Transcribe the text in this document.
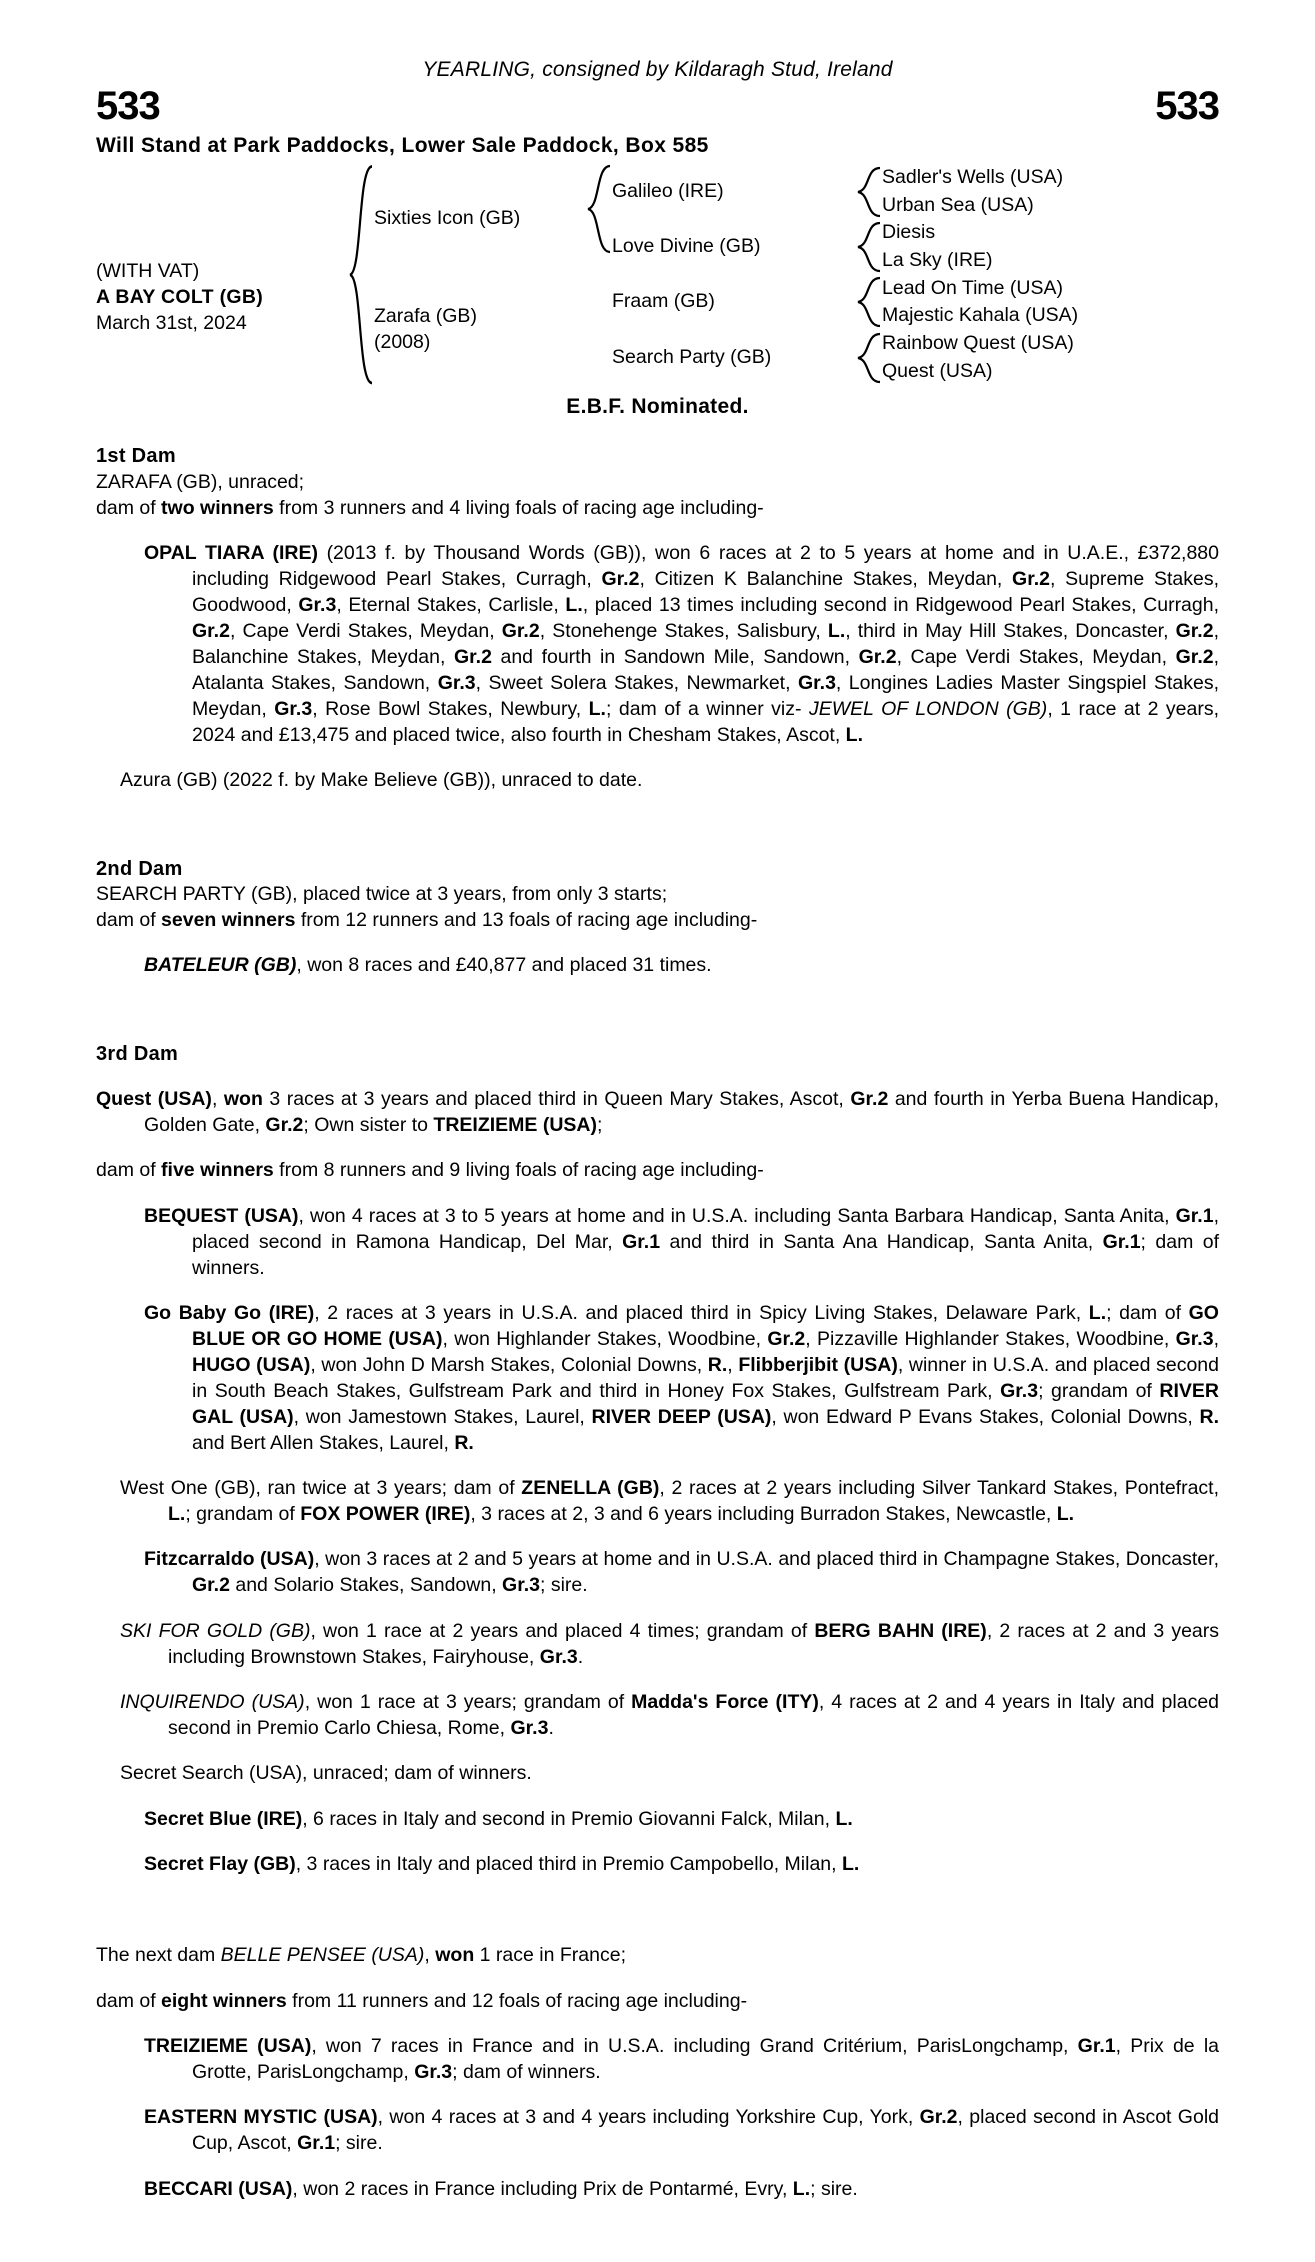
YEARLING, consigned by Kildaragh Stud, Ireland
533	533
Will Stand at Park Paddocks, Lower Sale Paddock, Box 585
(WITH VAT)
A BAY COLT (GB)
March 31st, 2024
Sixties Icon (GB)
Zarafa (GB)
(2008)
Galileo (IRE)
Love Divine (GB)
Fraam (GB)
Search Party (GB)
Sadler's Wells (USA)
Urban Sea (USA)
Diesis
La Sky (IRE)
Lead On Time (USA)
Majestic Kahala (USA)
Rainbow Quest (USA)
Quest (USA)
E.B.F. Nominated.
1st Dam

ZARAFA (GB), unraced;

dam of two winners from 3 runners and 4 living foals of racing age including-

OPAL TIARA (IRE) (2013 f. by Thousand Words (GB)), won 6 races at 2 to 5 years at home and in U.A.E., £372,880 including Ridgewood Pearl Stakes, Curragh, Gr.2, Citizen K Balanchine Stakes, Meydan, Gr.2, Supreme Stakes, Goodwood, Gr.3, Eternal Stakes, Carlisle, L., placed 13 times including second in Ridgewood Pearl Stakes, Curragh, Gr.2, Cape Verdi Stakes, Meydan, Gr.2, Stonehenge Stakes, Salisbury, L., third in May Hill Stakes, Doncaster, Gr.2, Balanchine Stakes, Meydan, Gr.2 and fourth in Sandown Mile, Sandown, Gr.2, Cape Verdi Stakes, Meydan, Gr.2, Atalanta Stakes, Sandown, Gr.3, Sweet Solera Stakes, Newmarket, Gr.3, Longines Ladies Master Singspiel Stakes, Meydan, Gr.3, Rose Bowl Stakes, Newbury, L.; dam of a winner viz- JEWEL OF LONDON (GB), 1 race at 2 years, 2024 and £13,475 and placed twice, also fourth in Chesham Stakes, Ascot, L.

Azura (GB) (2022 f. by Make Believe (GB)), unraced to date.

2nd Dam

SEARCH PARTY (GB), placed twice at 3 years, from only 3 starts;

dam of seven winners from 12 runners and 13 foals of racing age including-

BATELEUR (GB), won 8 races and £40,877 and placed 31 times.

3rd Dam

Quest (USA), won 3 races at 3 years and placed third in Queen Mary Stakes, Ascot, Gr.2 and fourth in Yerba Buena Handicap, Golden Gate, Gr.2; Own sister to TREIZIEME (USA);

dam of five winners from 8 runners and 9 living foals of racing age including-

BEQUEST (USA), won 4 races at 3 to 5 years at home and in U.S.A. including Santa Barbara Handicap, Santa Anita, Gr.1, placed second in Ramona Handicap, Del Mar, Gr.1 and third in Santa Ana Handicap, Santa Anita, Gr.1; dam of winners.

Go Baby Go (IRE), 2 races at 3 years in U.S.A. and placed third in Spicy Living Stakes, Delaware Park, L.; dam of GO BLUE OR GO HOME (USA), won Highlander Stakes, Woodbine, Gr.2, Pizzaville Highlander Stakes, Woodbine, Gr.3, HUGO (USA), won John D Marsh Stakes, Colonial Downs, R., Flibberjibit (USA), winner in U.S.A. and placed second in South Beach Stakes, Gulfstream Park and third in Honey Fox Stakes, Gulfstream Park, Gr.3; grandam of RIVER GAL (USA), won Jamestown Stakes, Laurel, RIVER DEEP (USA), won Edward P Evans Stakes, Colonial Downs, R. and Bert Allen Stakes, Laurel, R.

West One (GB), ran twice at 3 years; dam of ZENELLA (GB), 2 races at 2 years including Silver Tankard Stakes, Pontefract, L.; grandam of FOX POWER (IRE), 3 races at 2, 3 and 6 years including Burradon Stakes, Newcastle, L.

Fitzcarraldo (USA), won 3 races at 2 and 5 years at home and in U.S.A. and placed third in Champagne Stakes, Doncaster, Gr.2 and Solario Stakes, Sandown, Gr.3; sire.

SKI FOR GOLD (GB), won 1 race at 2 years and placed 4 times; grandam of BERG BAHN (IRE), 2 races at 2 and 3 years including Brownstown Stakes, Fairyhouse, Gr.3.

INQUIRENDO (USA), won 1 race at 3 years; grandam of Madda's Force (ITY), 4 races at 2 and 4 years in Italy and placed second in Premio Carlo Chiesa, Rome, Gr.3.

Secret Search (USA), unraced; dam of winners.

Secret Blue (IRE), 6 races in Italy and second in Premio Giovanni Falck, Milan, L.

Secret Flay (GB), 3 races in Italy and placed third in Premio Campobello, Milan, L.

The next dam BELLE PENSEE (USA), won 1 race in France;

dam of eight winners from 11 runners and 12 foals of racing age including-

TREIZIEME (USA), won 7 races in France and in U.S.A. including Grand Critérium, ParisLongchamp, Gr.1, Prix de la Grotte, ParisLongchamp, Gr.3; dam of winners.

EASTERN MYSTIC (USA), won 4 races at 3 and 4 years including Yorkshire Cup, York, Gr.2, placed second in Ascot Gold Cup, Ascot, Gr.1; sire.

BECCARI (USA), won 2 races in France including Prix de Pontarmé, Evry, L.; sire.
